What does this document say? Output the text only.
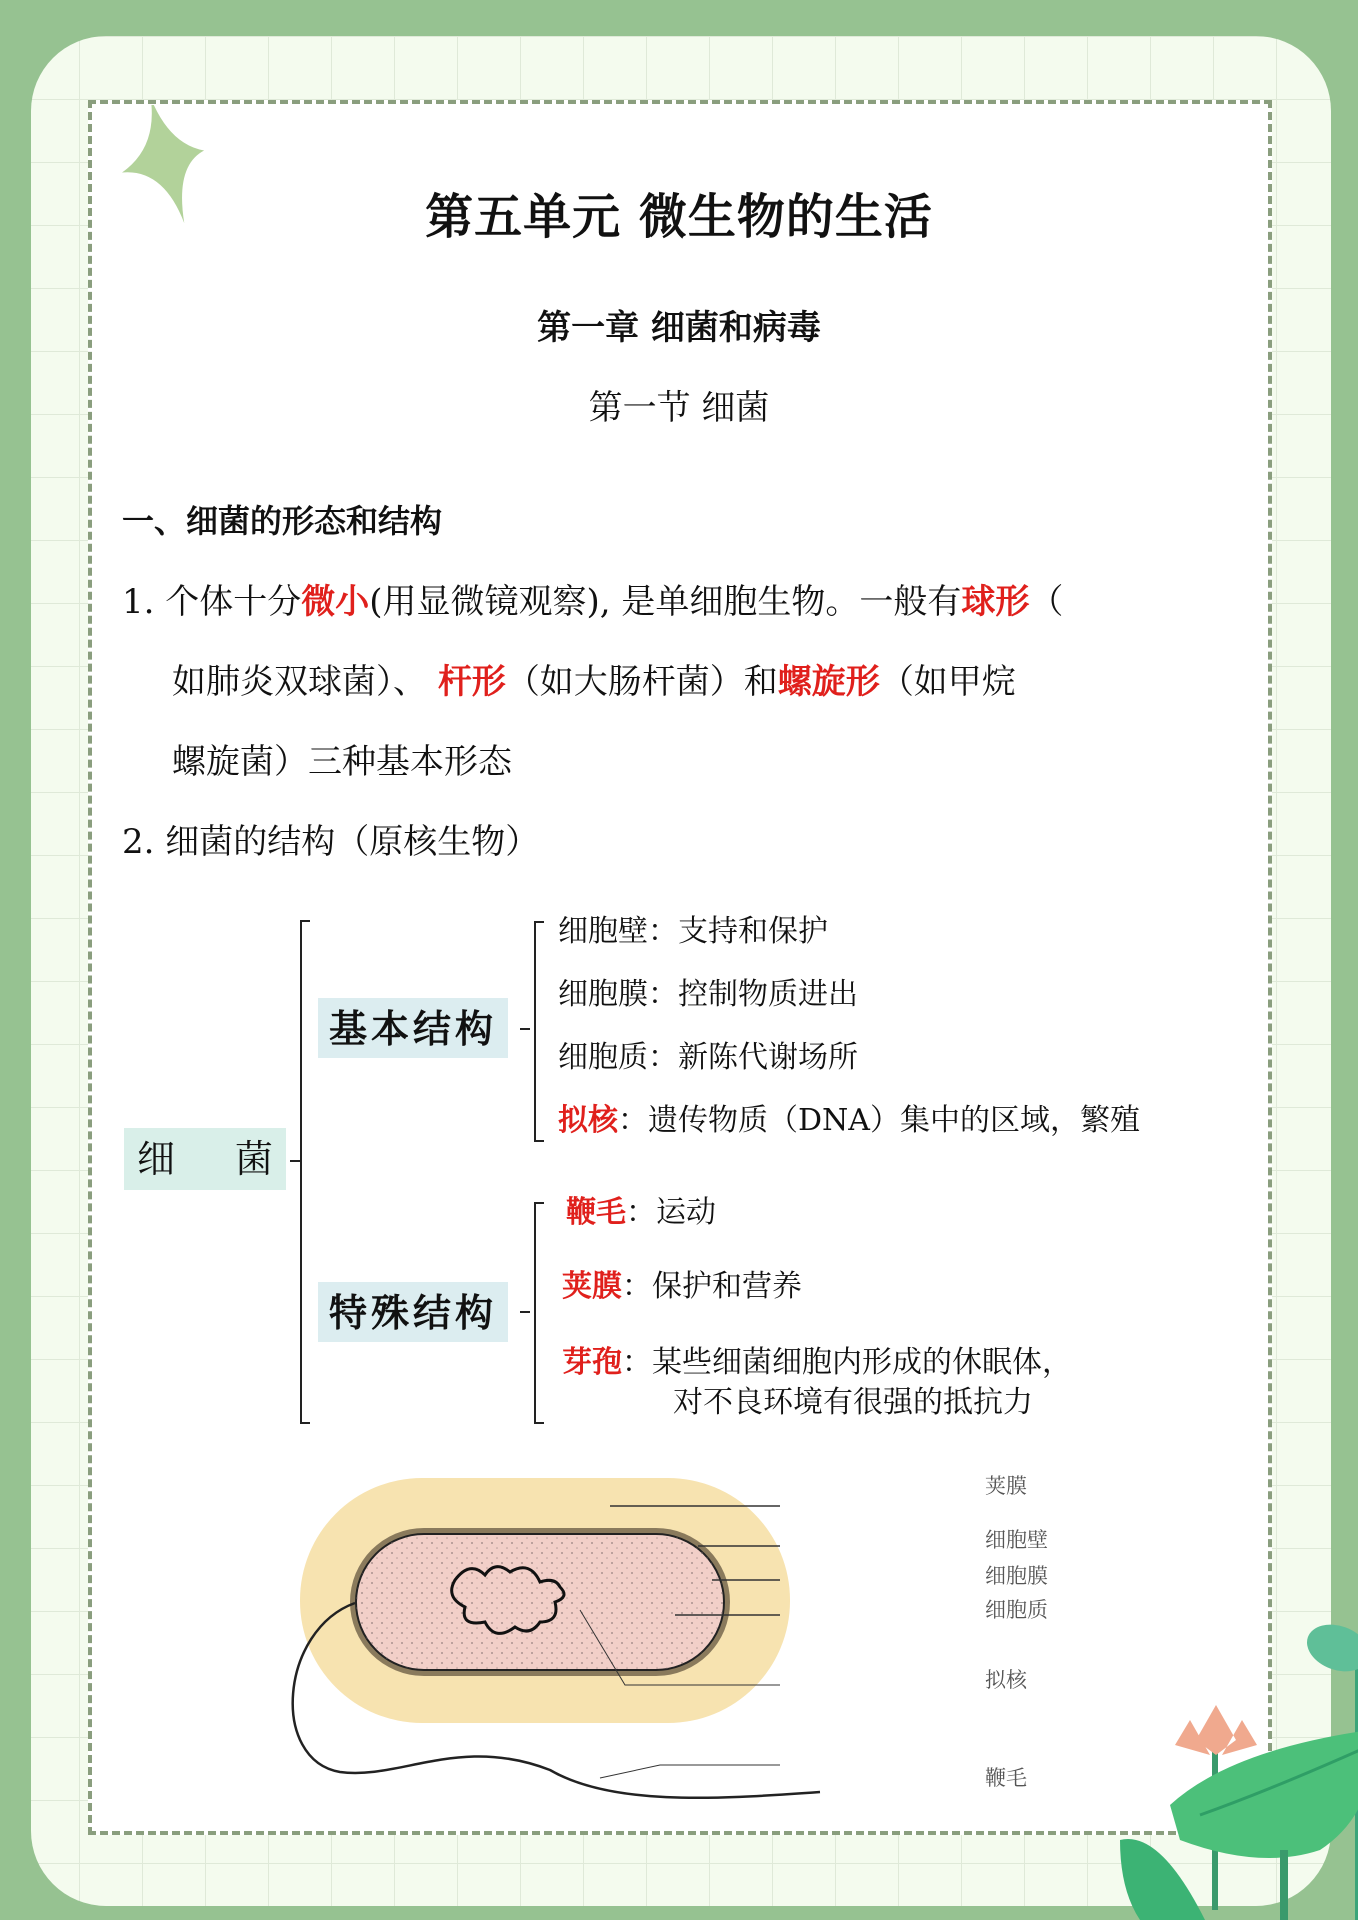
第五单元 微生物的生活
第一章 细菌和病毒
第一节 细菌
一、细菌的形态和结构
1. 个体十分微小(用显微镜观察), 是单细胞生物。一般有球形（
如肺炎双球菌）、 杆形（如大肠杆菌）和螺旋形（如甲烷
螺旋菌）三种基本形态
2. 细菌的结构（原核生物）
细 菌
基本结构
特殊结构
细胞壁：支持和保护
细胞膜：控制物质进出
细胞质：新陈代谢场所
拟核：遗传物质（DNA）集中的区域，繁殖
鞭毛：运动
荚膜：保护和营养
芽孢：某些细菌细胞内形成的休眠体，
对不良环境有很强的抵抗力
荚膜
细胞壁
细胞膜
细胞质
拟核
鞭毛
